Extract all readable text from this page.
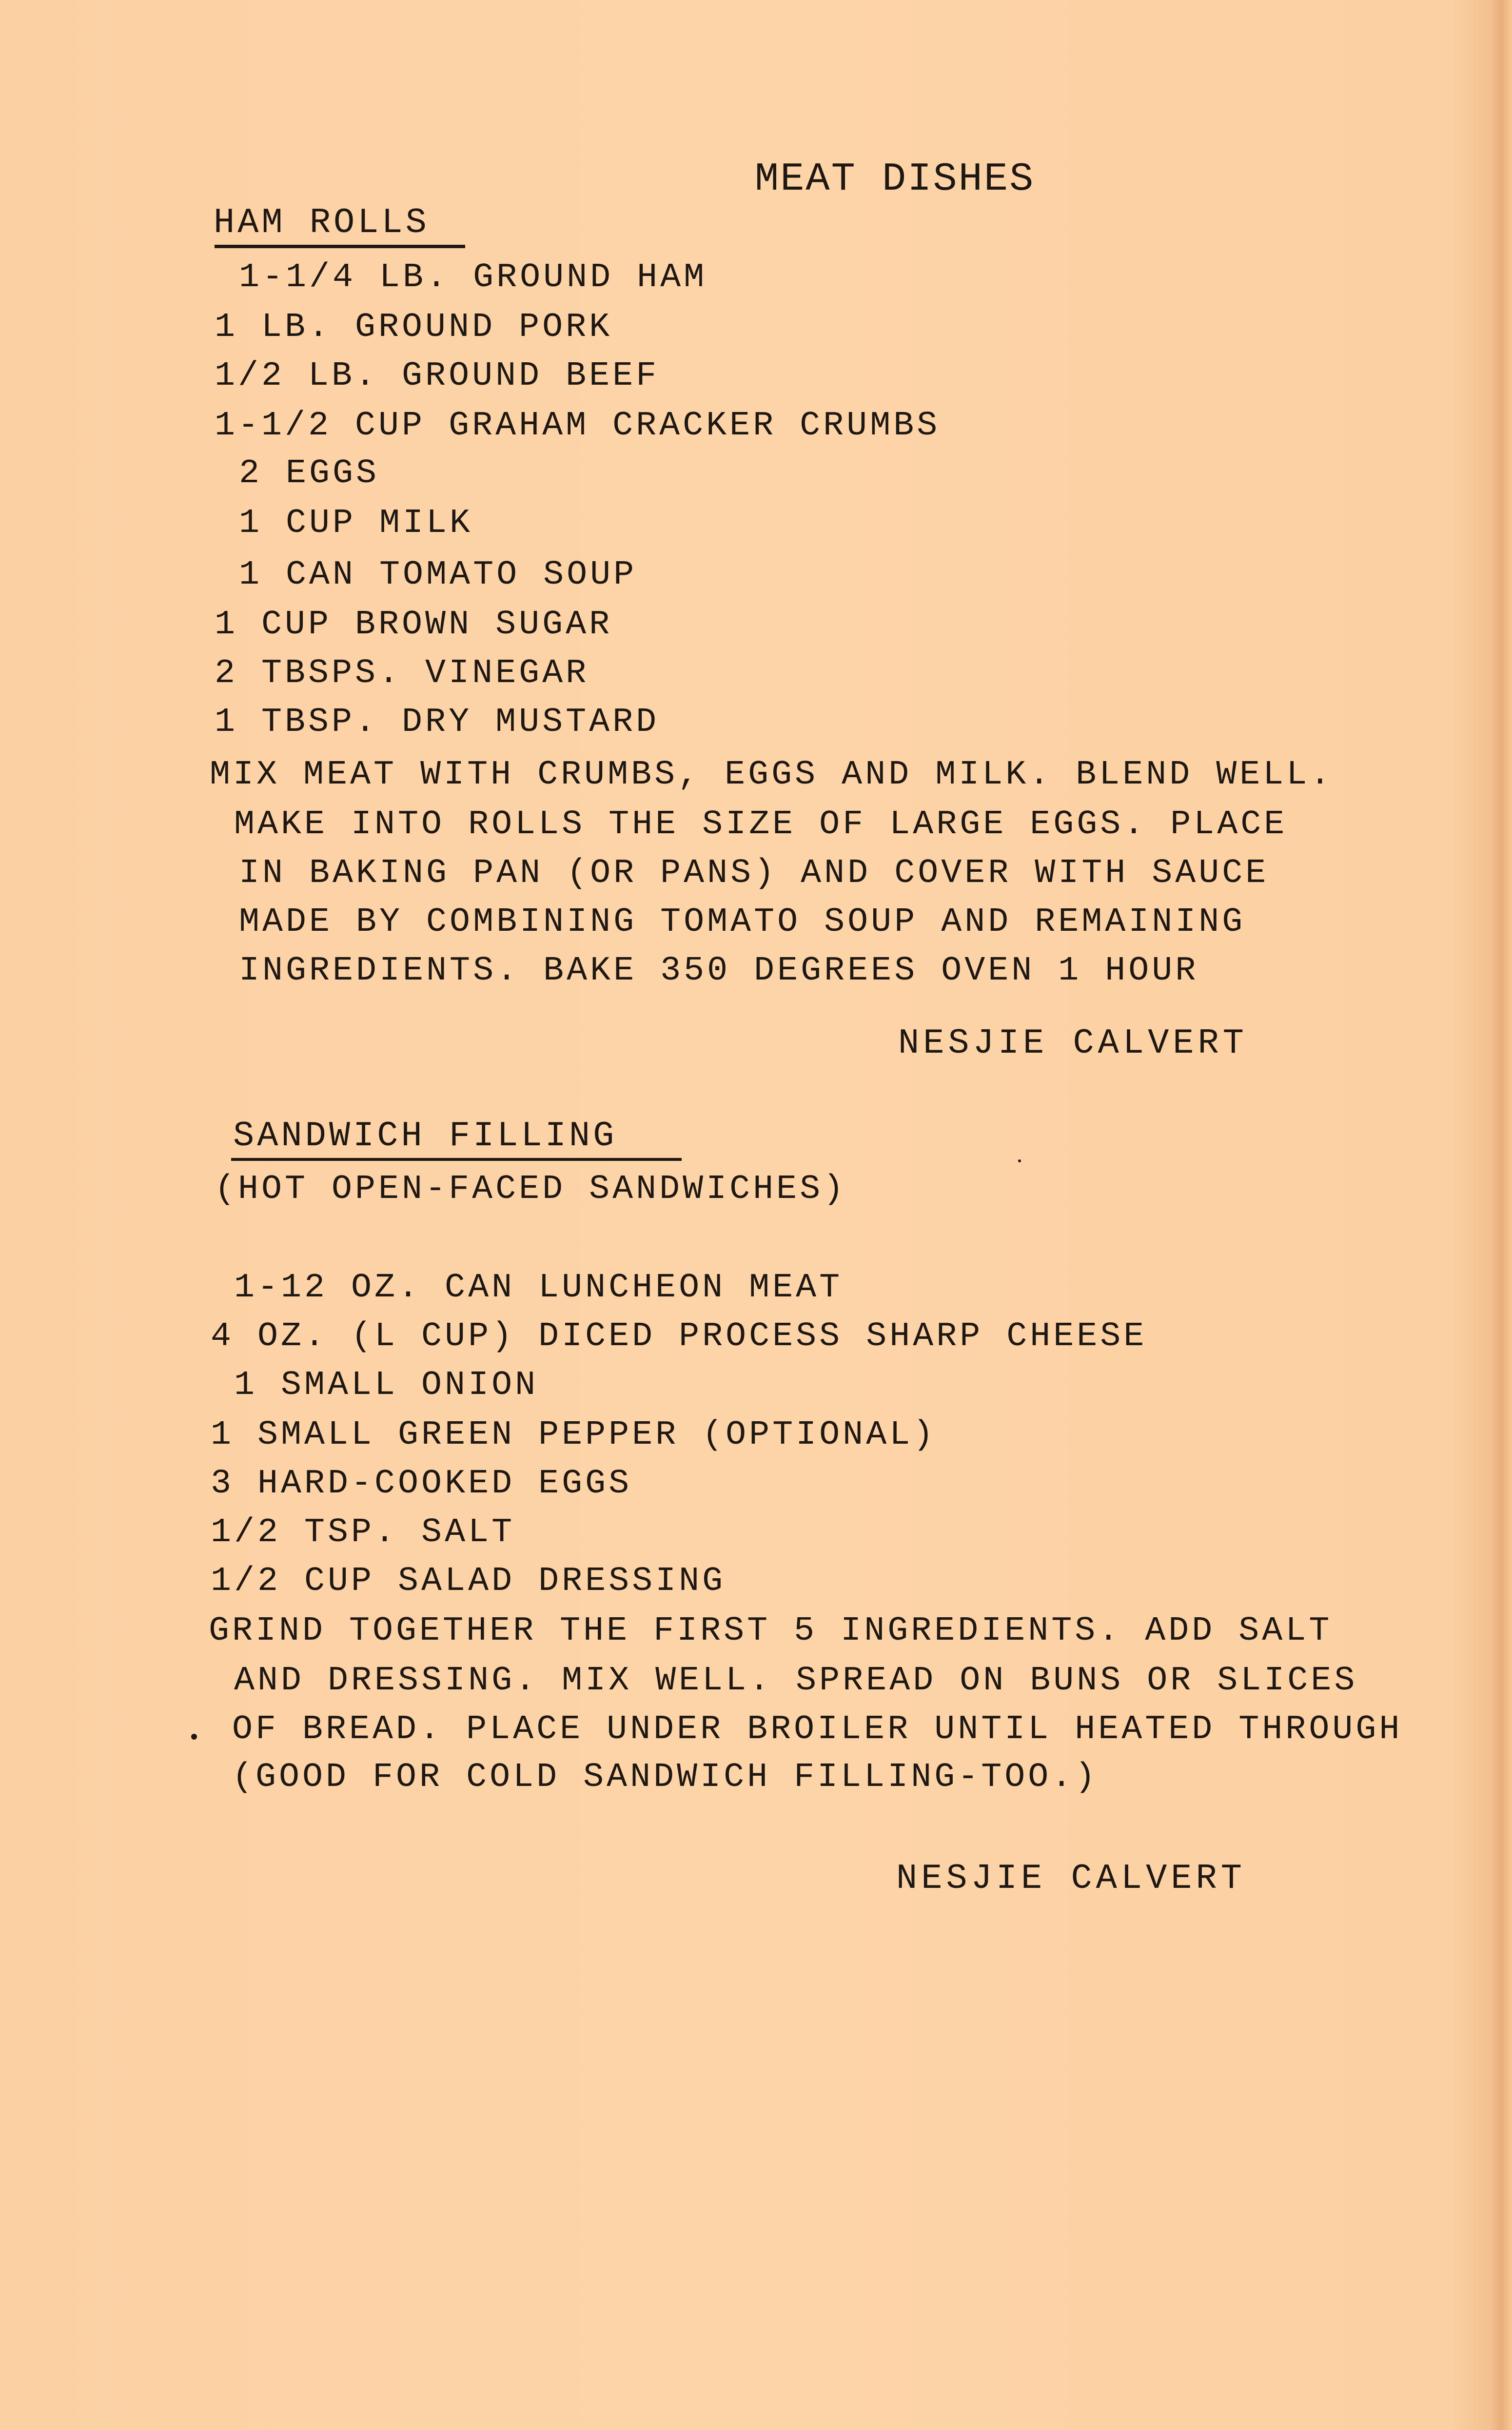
MEAT DISHES
HAM ROLLS
1-1/4 LB. GROUND HAM
1 LB. GROUND PORK
1/2 LB. GROUND BEEF
1-1/2 CUP GRAHAM CRACKER CRUMBS
2 EGGS
1 CUP MILK
1 CAN TOMATO SOUP
1 CUP BROWN SUGAR
2 TBSPS. VINEGAR
1 TBSP. DRY MUSTARD
MIX MEAT WITH CRUMBS, EGGS AND MILK. BLEND WELL.
MAKE INTO ROLLS THE SIZE OF LARGE EGGS. PLACE
IN BAKING PAN (OR PANS) AND COVER WITH SAUCE
MADE BY COMBINING TOMATO SOUP AND REMAINING
INGREDIENTS. BAKE 350 DEGREES OVEN 1 HOUR
NESJIE CALVERT
SANDWICH FILLING
(HOT OPEN-FACED SANDWICHES)
1-12 OZ. CAN LUNCHEON MEAT
4 OZ. (L CUP) DICED PROCESS SHARP CHEESE
1 SMALL ONION
1 SMALL GREEN PEPPER (OPTIONAL)
3 HARD-COOKED EGGS
1/2 TSP. SALT
1/2 CUP SALAD DRESSING
GRIND TOGETHER THE FIRST 5 INGREDIENTS. ADD SALT
AND DRESSING. MIX WELL. SPREAD ON BUNS OR SLICES
OF BREAD. PLACE UNDER BROILER UNTIL HEATED THROUGH
(GOOD FOR COLD SANDWICH FILLING-TOO.)
NESJIE CALVERT
